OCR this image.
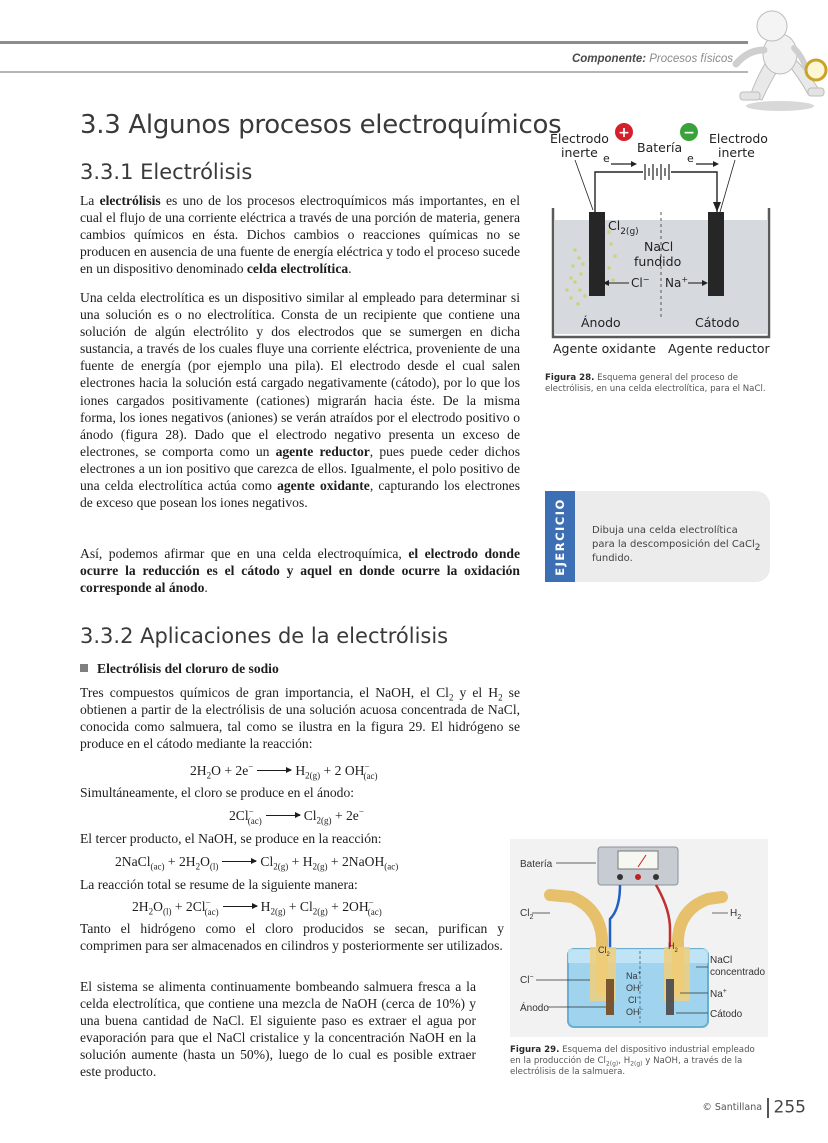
Componente: Procesos físicos
3.3 Algunos procesos electroquímicos
3.3.1 Electrólisis

La electrólisis es uno de los procesos electroquímicos más importantes, en el cual el flujo de una corriente eléctrica a través de una porción de materia, genera cambios químicos en ésta. Dichos cambios o reacciones químicas no se producen en ausencia de una fuente de energía eléctrica y todo el proceso sucede en un dispositivo denominado celda electrolítica.

Una celda electrolítica es un dispositivo similar al empleado para determinar si una solución es o no electrolítica. Consta de un recipiente que contiene una solución de algún electrólito y dos electrodos que se sumergen en dicha sustancia, a través de los cuales fluye una corriente eléctrica, proveniente de una fuente de energía (por ejemplo una pila). El electrodo desde el cual salen electrones hacia la solución está cargado negativamente (cátodo), por lo que los iones cargados positivamente (cationes) migrarán hacia éste. De la misma forma, los iones negativos (aniones) se verán atraídos por el electrodo positivo o ánodo (figura 28). Dado que el electrodo negativo presenta un exceso de electrones, se comporta como un agente reductor, pues puede ceder dichos electrones a un ion positivo que carezca de ellos. Igualmente, el polo positivo de una celda electrolítica actúa como agente oxidante, capturando los electrones de exceso que posean los iones negativos.

Así, podemos afirmar que en una celda electroquímica, el electrodo donde ocurre la reducción es el cátodo y aquel en donde ocurre la oxidación corresponde al ánodo.

3.3.2 Aplicaciones de la electrólisis
Electrólisis del cloruro de sodio

Tres compuestos químicos de gran importancia, el NaOH, el $Cl_2$ y el $H_2$ se obtienen a partir de la electrólisis de una solución acuosa concentrada de NaCl, conocida como salmuera, tal como se ilustra en la figura 29. El hidrógeno se produce en el cátodo mediante la reacción:

$2H_2O + 2e^-$	$H_{2(g)} + 2$ $OH^-_{(ac)}$
Simultáneamente, el cloro se produce en el ánodo:
$2Cl^-_{(ac)}$	$Cl_{2(g)} + 2e^-$
El tercer producto, el NaOH, se produce en la reacción:
2NaCl$_{(ac)}$ + $2H_2O_{(l)}$	$Cl_{2(g)} + H_{2(g)}$ + 2NaOH$_{(ac)}$
La reacción total se resume de la siguiente manera:
$2H_2O_{(l)} + 2Cl^-_{(ac)}$	$H_{2(g)} + Cl_{2(g)} + 2OH^-_{(ac)}$

Tanto el hidrógeno como el cloro producidos se secan, purifican y comprimen para ser almacenados en cilindros y posteriormente ser utilizados.

El sistema se alimenta continuamente bombeando salmuera fresca a la celda electrolítica, que contiene una mezcla de NaOH (cerca de 10%) y una buena cantidad de NaCl. El siguiente paso es extraer el agua por evaporación para que el NaCl cristalice y la concentración NaOH en la solución aumente (hasta un 50%), luego de lo cual es posible extraer este producto.

+	−
Electrodo
inerte
Electrodo
inerte
Batería
e	e
$Cl_{2(g)}$
NaCl
fundido
Cl− Na+
Ánodo	Cátodo
Agente oxidante Agente reductor

Figura 28. Esquema general del proceso de electrólisis, en una celda electrolítica, para el NaCl.

EJERCICIO	Dibuja una celda electrolítica para la descomposición del CaCl$_2$ fundido.

Batería
$Cl_2$	$H_2$
$Cl_2$
$H_2$
Cl−
Ánodo
Na+
OH−
Cl−
OH−
NaCl
concentrado
Na+
Cátodo

Figura 29. Esquema del dispositivo industrial empleado en la producción de $Cl_{2(g)}$, $H_{2(g)}$ y NaOH, a través de la electrólisis de la salmuera.

© Santillana 255
